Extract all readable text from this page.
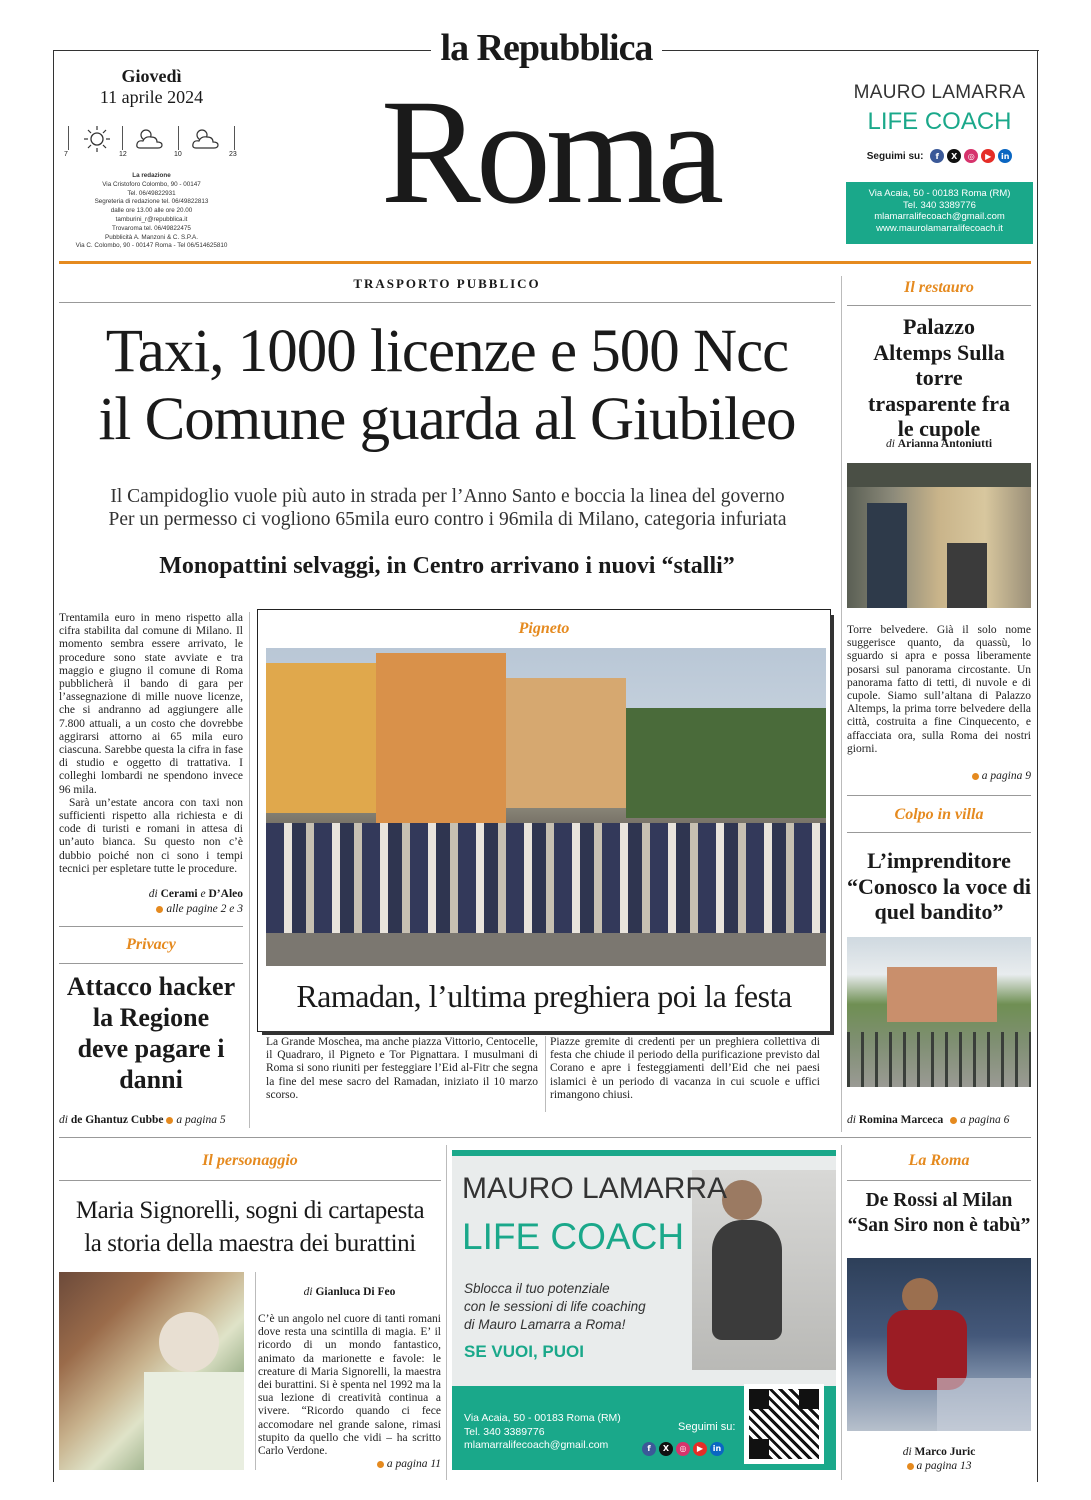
la Repubblica
Giovedì
11 aprile 2024
7	12	10	23
La redazione
Via Cristoforo Colombo, 90 - 00147
Tel. 06/49822931
Segreteria di redazione tel. 06/49822813
dalle ore 13.00 alle ore 20.00
tamburini_r@repubblica.it
Trovaroma tel. 06/49822475
Pubblicità A. Manzoni & C. S.P.A.
Via C. Colombo, 90 - 00147 Roma - Tel 06/514625810
Roma	MAURO LAMARRA
LIFE COACH
Seguimi su:	f	X	◎	▶	in
Via Acaia, 50 - 00183 Roma (RM)
Tel. 340 3389776
mlamarralifecoach@gmail.com
www.maurolamarralifecoach.it
TRASPORTO PUBBLICO
Taxi, 1000 licenze e 500 Ncc
il Comune guarda al Giubileo
Il Campidoglio vuole più auto in strada per l’Anno Santo e boccia la linea del governo
Per un permesso ci vogliono 65mila euro contro i 96mila di Milano, categoria infuriata
Monopattini selvaggi, in Centro arrivano i nuovi “stalli”

Trentamila euro in meno rispetto alla cifra stabilita dal comune di Milano. Il momento sembra essere arrivato, le procedure sono state avviate e tra maggio e giugno il comune di Roma pubblicherà il bando di gara per l’assegnazione di mille nuove licenze, che si andranno ad aggiungere alle 7.800 attuali, a un costo che dovrebbe aggirarsi attorno ai 65 mila euro ciascuna. Sarebbe questa la cifra in fase di studio e oggetto di trattativa. I colleghi lombardi ne spendono invece 96 mila.

Sarà un’estate ancora con taxi non sufficienti rispetto alla richiesta e di code di turisti e romani in attesa di un’auto bianca. Su questo non c’è dubbio poiché non ci sono i tempi tecnici per espletare tutte le procedure.

di Cerami e D’Aleo
alle pagine 2 e 3
Privacy
Attacco hacker la Regione deve pagare i danni
di de Ghantuz Cubbe a pagina 5
Pigneto
Ramadan, l’ultima preghiera poi la festa
La Grande Moschea, ma anche piazza Vittorio, Centocelle, il Quadraro, il Pigneto e Tor Pignattara. I musulmani di Roma si sono riuniti per festeggiare l’Eid al-Fitr che segna la fine del mese sacro del Ramadan, iniziato il 10 marzo scorso.
Piazze gremite di credenti per un preghiera collettiva di festa che chiude il periodo della purificazione previsto dal Corano e apre i festeggiamenti dell’Eid che nei paesi islamici è un periodo di vacanza in cui scuole e uffici rimangono chiusi.
Il restauro
Palazzo Altemps Sulla torre trasparente fra le cupole
di Arianna Antoniutti
Torre belvedere. Già il solo nome suggerisce quanto, da quassù, lo sguardo si apra e possa liberamente posarsi sul panorama circostante. Un panorama fatto di tetti, di nuvole e di cupole. Siamo sull’altana di Palazzo Altemps, la prima torre belvedere della città, costruita a fine Cinquecento, e affacciata ora, sulla Roma dei nostri giorni.
a pagina 9
Colpo in villa
L’imprenditore “Conosco la voce di quel bandito”
di Romina Marceca a pagina 6
Il personaggio
Maria Signorelli, sogni di cartapesta
la storia della maestra dei burattini
di Gianluca Di Feo
C’è un angolo nel cuore di tanti romani dove resta una scintilla di magia. E’ il ricordo di un mondo fantastico, animato da marionette e favole: le creature di Maria Signorelli, la maestra dei burattini. Si è spenta nel 1992 ma la sua lezione di creatività continua a vivere. “Ricordo quando ci fece accomodare nel grande salone, rimasi stupito da quello che vidi – ha scritto Carlo Verdone.
a pagina 11
MAURO LAMARRA
LIFE COACH
Sblocca il tuo potenziale
con le sessioni di life coaching
di Mauro Lamarra a Roma!
SE VUOI, PUOI
Via Acaia, 50 - 00183 Roma (RM)
Tel. 340 3389776
mlamarralifecoach@gmail.com
Seguimi su:
f	X	◎	▶	in
La Roma
De Rossi al Milan “San Siro non è tabù”
di Marco Juric
a pagina 13
